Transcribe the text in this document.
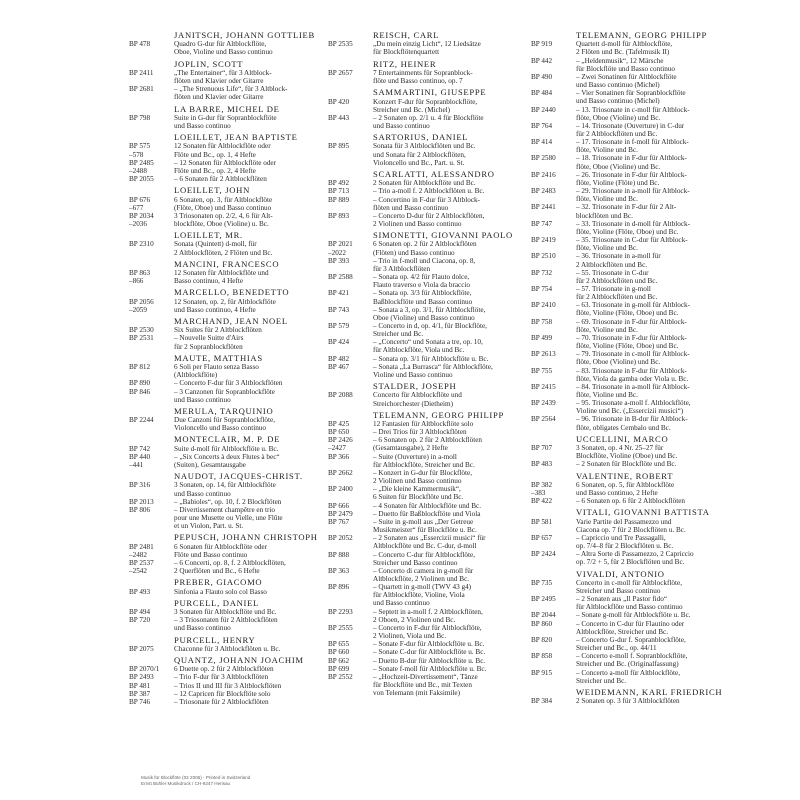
JANITSCH, JOHANN GOTTLIEB
BP 478	Quadro G-dur für Altblockflöte,
Oboe, Violine und Basso continuo
JOPLIN, SCOTT
BP 2411	„The Entertainer“, für 3 Altblock-
flöten und Klavier oder Gitarre
BP 2681	– „The Strenuous Life“, für 3 Altblock-
flöten und Klavier oder Gitarre
LA BARRE, MICHEL DE
BP 798	Suite in G-dur für Sopranblockflöte
und Basso continuo
LOEILLET, JEAN BAPTISTE
BP 575	12 Sonaten für Altblockflöte oder
–578	Flöte und Bc., op. 1, 4 Hefte
BP 2485	– 12 Sonaten für Altblockflöte oder
–2488	Flöte und Bc., op. 2, 4 Hefte
BP 2055	– 6 Sonaten für 2 Altblockflöten
LOEILLET, JOHN
BP 676	6 Sonaten, op. 3, für Altblockflöte
–677	(Flöte, Oboe) und Basso continuo
BP 2034	3 Triosonaten op. 2/2, 4, 6 für Alt-
–2036	blockflöte, Oboe (Violine) u. Bc.
LOEILLET, MR.
BP 2310	Sonata (Quintett) d-moll, für
2 Altblockflöten, 2 Flöten und Bc.
MANCINI, FRANCESCO
BP 863	12 Sonaten für Altblockflöte und
–866	Basso continuo, 4 Hefte
MARCELLO, BENEDETTO
BP 2056	12 Sonaten, op. 2, für Altblockflöte
–2059	und Basso continuo, 4 Hefte
MARCHAND, JEAN NOEL
BP 2530	Six Suites für 2 Altblockflöten
BP 2531	– Nouvelle Suitte d'Airs
für 2 Sopranblockflöten
MAUTE, MATTHIAS
BP 812	6 Soli per Flauto senza Basso
(Altblockflöte)
BP 890	– Concerto F-dur für 3 Altblockflöten
BP 846	– 3 Canzonen für Sopranblockflöte
und Basso continuo
MERULA, TARQUINIO
BP 2244	Due Canzoni für Sopranblockflöte,
Violoncello und Basso continuo
MONTECLAIR, M. P. DE
BP 742	Suite d-moll für Altblockflöte u. Bc.
BP 440	– „Six Concerts à deux Flutes à bec“
–441	(Suiten), Gesamtausgabe
NAUDOT, JACQUES-CHRIST.
BP 316	3 Sonaten, op. 14, für Altblockflöte
und Basso continuo
BP 2013	– „Babioles“, op. 10, f. 2 Blockflöten
BP 806	– Divertissement champêtre en trio
pour une Musette ou Vielle, une Flûte
et un Violon, Part. u. St.
PEPUSCH, JOHANN CHRISTOPH
BP 2481	6 Sonaten für Altblockflöte oder
–2482	Flöte und Basso continuo
BP 2537	– 6 Concerti, op. 8, f. 2 Altblockflöten,
–2542	2 Querflöten und Bc., 6 Hefte
PREBER, GIACOMO
BP 493	Sinfonia a Flauto solo col Basso
PURCELL, DANIEL
BP 494	3 Sonaten für Altblockflöte und Bc.
BP 720	– 3 Triosonaten für 2 Altblockflöten
und Basso continuo
PURCELL, HENRY
BP 2075	Chaconne für 3 Altblockflöten u. Bc.
QUANTZ, JOHANN JOACHIM
BP 2070/1	6 Duette op. 2 für 2 Altblockflöten
BP 2493	– Trio F-dur für 3 Altblockflöten
BP 481	– Trios II und III für 3 Altblockflöten
BP 387	– 12 Capricen für Blockflöte solo
BP 746	– Triosonate für 2 Altblockflöten
REISCH, CARL
BP 2535	„Du mein einzig Licht“, 12 Liedsätze
für Blockflötenquartett
RITZ, HEINER
BP 2657	7 Entertainments für Sopranblock-
flöte und Basso continuo, op. 7
SAMMARTINI, GIUSEPPE
BP 420	Konzert F-dur für Sopranblockflöte,
Streicher und Bc. (Michel)
BP 443	– 2 Sonaten op. 2/1 u. 4 für Blockflöte
und Basso continuo
SARTORIUS, DANIEL
BP 895	Sonata für 3 Altblockflöten und Bc.
und Sonata für 2 Altblockflöten,
Violoncello und Bc., Part. u. St.
SCARLATTI, ALESSANDRO
BP 492	2 Sonaten für Altblockflöte und Bc.
BP 713	– Trio a-moll f. 2 Altblockflöten u. Bc.
BP 889	– Concertino in F-dur für 3 Altblock-
flöten und Basso continuo
BP 893	– Concerto D-dur für 2 Altblockflöten,
2 Violinen und Basso continuo
SIMONETTI, GIOVANNI PAOLO
BP 2021	6 Sonaten op. 2 für 2 Altblockflöten
–2022	(Flöten) und Basso continuo
BP 393	– Trio in f-moll und Ciacona, op. 8,
für 3 Altblockflöten
BP 2588	– Sonata op. 4/2 für Flauto dolce,
Flauto traverso e Viola da braccio
BP 421	– Sonata op. 3/3 für Altblockflöte,
Baßblockflöte und Basso continuo
BP 743	– Sonata a 3, op. 3/1, für Altblockflöte,
Oboe (Violine) und Basso continuo
BP 579	– Concerto in d, op. 4/1, für Blockflöte,
Streicher und Bc.
BP 424	– „Concerto“ und Sonata a tre, op. 10,
für Altblockflöte, Viola und Bc.
BP 482	– Sonata op. 3/1 für Altblockflöte u. Bc.
BP 467	– Sonata „La Burrasca“ für Altblockflöte,
Violine und Basso continuo
STALDER, JOSEPH
BP 2088	Concerto für Altblockflöte und
Streichorchester (Dietheim)
TELEMANN, GEORG PHILIPP
BP 425	12 Fantasien für Altblockflöte solo
BP 650	– Drei Trios für 3 Altblockflöten
BP 2426	– 6 Sonaten op. 2 für 2 Altblockflöten
–2427	(Gesamtausgabe), 2 Hefte
BP 366	– Suite (Ouverture) in a-moll
für Altblockflöte, Streicher und Bc.
BP 2662	– Konzert in G-dur für Blockflöte,
2 Violinen und Basso continuo
BP 2400	– „Die kleine Kammermusik“,
6 Suiten für Blockflöte und Bc.
BP 666	– 4 Sonaten für Altblockflöte und Bc.
BP 2479	– Duetto für Baßblockflöte und Viola
BP 767	– Suite in g-moll aus „Der Getreue
Musikmeister“ für Blockflöte u. Bc.
BP 2052	– 2 Sonaten aus „Essercizii musici“ für
Altblockflöte und Bc. C-dur, d-moll
BP 888	– Concerto C-dur für Altblockflöte,
Streicher und Basso continuo
BP 363	– Concerto di camera in g-moll für
Altblockflöte, 2 Violinen und Bc.
BP 896	– Quartett in g-moll (TWV 43 g4)
für Altblockflöte, Violine, Viola
und Basso continuo
BP 2293	– Septett in a-moll f. 2 Altblockflöten,
2 Oboen, 2 Violinen und Bc.
BP 2555	– Concerto in F-dur für Altblockflöte,
2 Violinen, Viola und Bc.
BP 655	– Sonate F-dur für Altblockflöte u. Bc.
BP 660	– Sonate C-dur für Altblockflöte u. Bc.
BP 662	– Duetto B-dur für Altblockflöte u. Bc.
BP 699	– Sonate f-moll für Altblockflöte u. Bc.
BP 2552	– „Hochzeit-Divertissement“, Tänze
für Blockflöte und Bc., mit Texten
von Telemann (mit Faksimile)
TELEMANN, GEORG PHILIPP
BP 919	Quartett d-moll für Altblockflöte,
2 Flöten und Bc. (Tafelmusik II)
BP 442	– „Heldenmusik“, 12 Märsche
für Blockflöte und Basso continuo
BP 490	– Zwei Sonatinen für Altblockflöte
und Basso continuo (Michel)
BP 484	– Vier Sonatinen für Sopranblockflöte
und Basso continuo (Michel)
BP 2440	– 13. Triosonate in c-moll für Altblock-
flöte, Oboe (Violine) und Bc.
BP 764	– 14. Triosonate (Ouverture) in C-dur
für 2 Altblockflöten und Bc.
BP 414	– 17. Triosonate in f-moll für Altblock-
flöte, Violine und Bc.
BP 2580	– 18. Triosonate in F-dur für Altblock-
flöte, Oboe (Violine) und Bc.
BP 2416	– 26. Triosonate in F-dur für Altblock-
flöte, Violine (Flöte) und Bc.
BP 2483	– 29. Triosonate in a-moll für Altblock-
flöte, Violine und Bc.
BP 2441	– 32. Triosonate in F-dur für 2 Alt-
blockflöten und Bc.
BP 747	– 33. Triosonate in d-moll für Altblock-
flöte, Violine (Flöte, Oboe) und Bc.
BP 2419	– 35. Triosonate in C-dur für Altblock-
flöte, Violine und Bc.
BP 2510	– 36. Triosonate in a-moll für
2 Altblockflöten und Bc.
BP 732	– 55. Triosonate in C-dur
für 2 Altblockflöten und Bc.
BP 754	– 57. Triosonate in g-moll
für 2 Altblockflöten und Bc.
BP 2410	– 63. Triosonate in g-moll für Altblock-
flöte, Violine (Flöte, Oboe) und Bc.
BP 758	– 69. Triosonate in F-dur für Altblock-
flöte, Violine und Bc.
BP 499	– 70. Triosonate in F-dur für Altblock-
flöte, Violine (Flöte, Oboe) und Bc.
BP 2613	– 79. Triosonate in c-moll für Altblock-
flöte, Oboe (Violine) und Bc.
BP 755	– 83. Triosonate in F-dur für Altblock-
flöte, Viola da gamba oder Viola u. Bc.
BP 2415	– 84. Triosonate in a-moll für Altblock-
flöte, Violine und Bc.
BP 2439	– 95. Triosonate a-moll f. Altblockflöte,
Violine und Bc. („Essercizii musici“)
BP 2564	– 96. Triosonate in B-dur für Altblock-
flöte, obligates Cembalo und Bc.
UCCELLINI, MARCO
BP 707	3 Sonaten, op. 4 Nr. 25–27 für
Blockflöte, Violine (Oboe) und Bc.
BP 483	– 2 Sonaten für Blockflöte und Bc.
VALENTINE, ROBERT
BP 382	6 Sonaten, op. 5, für Altblockflöte
–383	und Basso continuo, 2 Hefte
BP 422	– 6 Sonaten op. 6 für 2 Altblockflöten
VITALI, GIOVANNI BATTISTA
BP 581	Varie Partite del Passamezzo und
Ciacona op. 7 für 2 Blockflöten u. Bc.
BP 657	– Capriccio und Tre Passagalli,
op. 7/4–8 für 2 Blockflöten u. Bc.
BP 2424	– Altra Sorte di Passamezzo, 2 Capriccio
op. 7/2 + 5, für 2 Blockflöten und Bc.
VIVALDI, ANTONIO
BP 735	Concerto in c-moll für Altblockflöte,
Streicher und Basso continuo
BP 2495	– 2 Sonaten aus „Il Pastor fido“
für Altblockflöte und Basso continuo
BP 2044	– Sonate g-moll für Altblockflöte u. Bc.
BP 860	– Concerto in C-dur für Flautino oder
Altblockflöte, Streicher und Bc.
BP 820	– Concerto G-dur f. Sopranblockflöte,
Streicher und Bc., op. 44/11
BP 858	– Concerto e-moll f. Sopranblockflöte,
Streicher und Bc. (Originalfassung)
BP 915	– Concerto a-moll für Altblockflöte,
Streicher und Bc.
WEIDEMANN, KARL FRIEDRICH
BP 384	2 Sonaten op. 3 für 3 Altblockflöten
Musik für Blockflöte (02 2006) · Printed in Switzerland
Ernst Bühler Musikdruck / CH-9247 Herisau
